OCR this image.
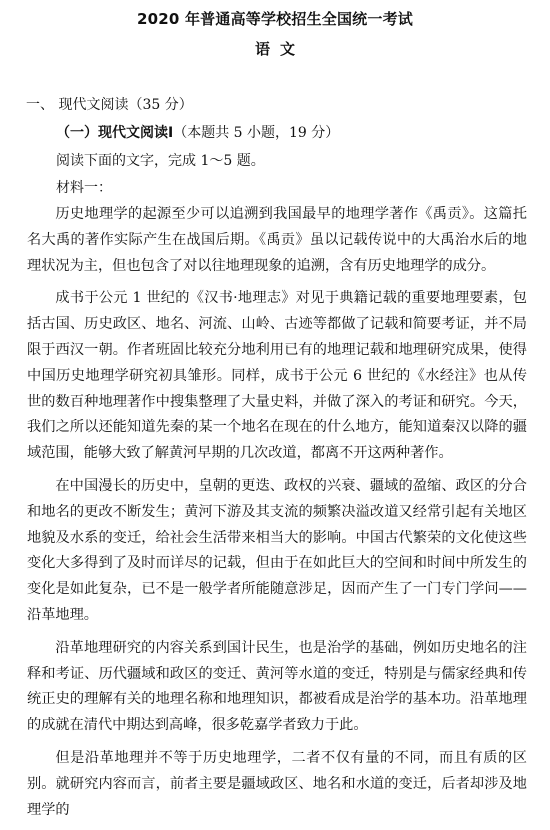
2020 年普通高等学校招生全国统一考试
语文
一、 现代文阅读（35 分）
（一）现代文阅读Ⅰ（本题共 5 小题，19 分）
阅读下面的文字，完成 1～5 题。
材料一：

历史地理学的起源至少可以追溯到我国最早的地理学著作《禹贡》。这篇托名大禹的著作实际产生在战国后期。《禹贡》虽以记载传说中的大禹治水后的地理状况为主，但也包含了对以往地理现象的追溯，含有历史地理学的成分。

成书于公元 1 世纪的《汉书·地理志》对见于典籍记载的重要地理要素，包括古国、历史政区、地名、河流、山岭、古迹等都做了记载和简要考证，并不局限于西汉一朝。作者班固比较充分地利用已有的地理记载和地理研究成果，使得中国历史地理学研究初具雏形。同样，成书于公元 6 世纪的《水经注》也从传世的数百种地理著作中搜集整理了大量史料，并做了深入的考证和研究。今天，我们之所以还能知道先秦的某一个地名在现在的什么地方，能知道秦汉以降的疆域范围，能够大致了解黄河早期的几次改道，都离不开这两种著作。

在中国漫长的历史中，皇朝的更迭、政权的兴衰、疆域的盈缩、政区的分合和地名的更改不断发生；黄河下游及其支流的频繁决溢改道又经常引起有关地区地貌及水系的变迁，给社会生活带来相当大的影响。中国古代繁荣的文化使这些变化大多得到了及时而详尽的记载，但由于在如此巨大的空间和时间中所发生的变化是如此复杂，已不是一般学者所能随意涉足，因而产生了一门专门学问——沿革地理。

沿革地理研究的内容关系到国计民生，也是治学的基础，例如历史地名的注释和考证、历代疆域和政区的变迁、黄河等水道的变迁，特别是与儒家经典和传统正史的理解有关的地理名称和地理知识，都被看成是治学的基本功。沿革地理的成就在清代中期达到高峰，很多乾嘉学者致力于此。

但是沿革地理并不等于历史地理学，二者不仅有量的不同，而且有质的区别。就研究内容而言，前者主要是疆域政区、地名和水道的变迁，后者却涉及地理学的
